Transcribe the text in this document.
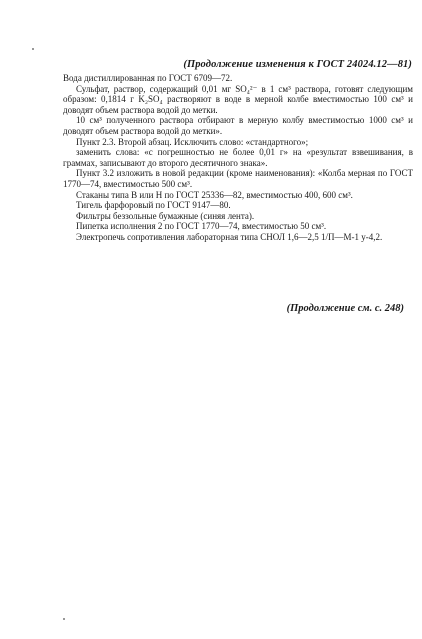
(Продолжение изменения к ГОСТ 24024.12—81)

Вода дистиллированная по ГОСТ 6709—72.

Сульфат, раствор, содержащий 0,01 мг SO₄²⁻ в 1 см³ раствора, готовят следующим образом: 0,1814 г K₂SO₄ растворяют в воде в мерной колбе вместимостью 100 см³ и доводят объем раствора водой до метки.

10 см³ полученного раствора отбирают в мерную колбу вместимостью 1000 см³ и доводят объем раствора водой до метки».

Пункт 2.3. Второй абзац. Исключить слово: «стандартного»;

заменить слова: «с погрешностью не более 0,01 г» на «результат взвешивания, в граммах, записывают до второго десятичного знака».

Пункт 3.2 изложить в новой редакции (кроме наименования): «Колба мерная по ГОСТ 1770—74, вместимостью 500 см³.

Стаканы типа В или Н по ГОСТ 25336—82, вместимостью 400, 600 см³.

Тигель фарфоровый по ГОСТ 9147—80.

Фильтры беззольные бумажные (синяя лента).

Пипетка исполнения 2 по ГОСТ 1770—74, вместимостью 50 см³.

Электропечь сопротивления лабораторная типа СНОЛ 1,6—2,5 1/П—М-1 у-4,2.

(Продолжение см. с. 248)
